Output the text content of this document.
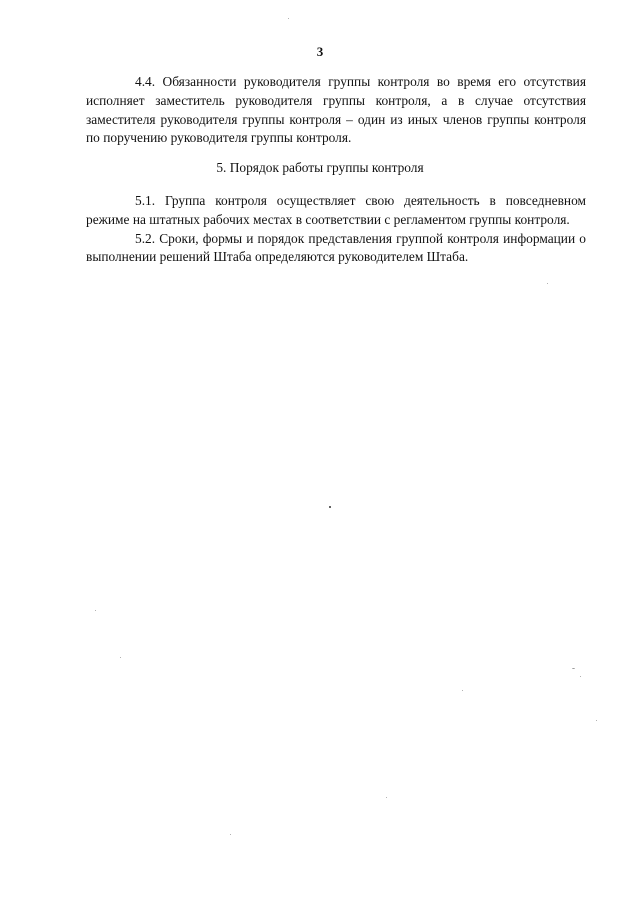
3

4.4. Обязанности руководителя группы контроля во время его отсутствия исполняет заместитель руководителя группы контроля, а в случае отсутствия заместителя руководителя группы контроля – один из иных членов группы контроля по поручению руководителя группы контроля.

5. Порядок работы группы контроля

5.1. Группа контроля осуществляет свою деятельность в повседневном режиме на штатных рабочих местах в соответствии с регламентом группы контроля.

5.2. Сроки, формы и порядок представления группой контроля информации о выполнении решений Штаба определяются руководителем Штаба.
